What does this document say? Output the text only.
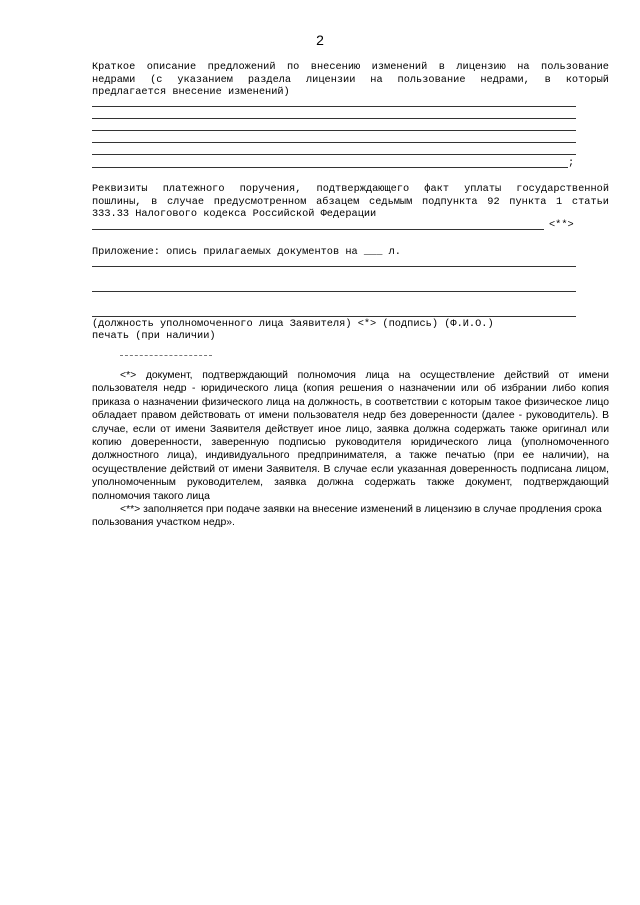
2
Краткое описание предложений по внесению изменений в лицензию на пользование недрами (с указанием раздела лицензии на пользование недрами, в который предлагается внесение изменений)
;
Реквизиты платежного поручения, подтверждающего факт уплаты государственной пошлины, в случае предусмотренном абзацем седьмым подпункта 92 пункта 1 статьи 333.33 Налогового кодекса Российской Федерации
<**>
Приложение: опись прилагаемых документов на ___ л.
(должность уполномоченного лица Заявителя) <*> (подпись) (Ф.И.О.)
печать (при наличии)
<*> документ, подтверждающий полномочия лица на осуществление действий от имени пользователя недр - юридического лица (копия решения о назначении или об избрании либо копия приказа о назначении физического лица на должность, в соответствии с которым такое физическое лицо обладает правом действовать от имени пользователя недр без доверенности (далее - руководитель). В случае, если от имени Заявителя действует иное лицо, заявка должна содержать также оригинал или копию доверенности, заверенную подписью руководителя юридического лица (уполномоченного должностного лица), индивидуального предпринимателя, а также печатью (при ее наличии), на осуществление действий от имени Заявителя. В случае если указанная доверенность подписана лицом, уполномоченным руководителем, заявка должна содержать также документ, подтверждающий полномочия такого лица
<**> заполняется при подаче заявки на внесение изменений в лицензию в случае продления срока пользования участком недр».
